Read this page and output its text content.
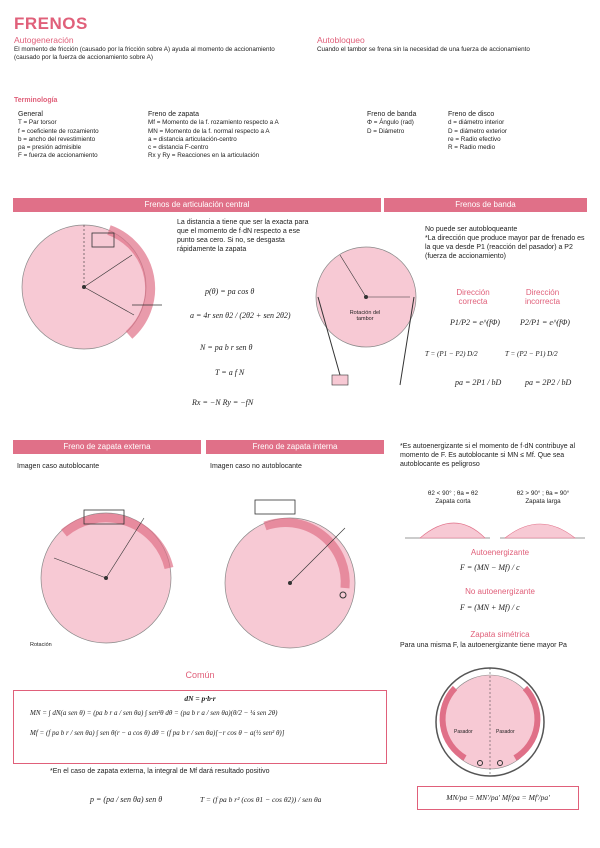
FRENOS
Autogeneración
El momento de fricción (causado por la fricción sobre A) ayuda al momento de accionamiento (causado por la fuerza de accionamiento sobre A)
Autobloqueo
Cuando el tambor se frena sin la necesidad de una fuerza de accionamiento
Terminología
General
T = Par torsor
f = coeficiente de rozamiento
b = ancho del revestimiento
pa = presión admisible
F = fuerza de accionamiento
Freno de zapata
Mf = Momento de la f. rozamiento respecto a A
MN = Momento de la f. normal respecto a A
a = distancia articulación-centro
c = distancia F-centro
Rx y Ry = Reacciones en la articulación
Freno de banda
Φ = Ángulo (rad)
D = Diámetro
Freno de disco
d = diámetro interior
D = diámetro exterior
re = Radio efectivo
R = Radio medio
Frenos de articulación central	Frenos de banda
La distancia a tiene que ser la exacta para que el momento de f·dN respecto a ese punto sea cero. Si no, se desgasta rápidamente la zapata
p(θ) = pa cos θ
a = 4r sen θ2 / (2θ2 + sen 2θ2)
N = pa b r sen θ
T = a f N
Rx = −N Ry = −fN
Rotación del tambor
No puede ser autobloqueante
*La dirección que produce mayor par de frenado es la que va desde P1 (reacción del pasador) a P2 (fuerza de accionamiento)
Dirección correcta
Dirección incorrecta
P1/P2 = e^(fΦ)	P2/P1 = e^(fΦ)
T = (P1 − P2) D/2	T = (P2 − P1) D/2
pa = 2P1 / bD	pa = 2P2 / bD
Freno de zapata externa	Freno de zapata interna
Imagen caso autoblocante	Imagen caso no autoblocante
Rotación
*Es autoenergizante si el momento de f·dN contribuye al momento de F. Es autoblocante si MN ≤ Mf. Que sea autoblocante es peligroso
θ2 < 90° ; θa = θ2
Zapata corta
θ2 > 90° ; θa = 90°
Zapata larga
Autoenergizante
F = (MN − Mf) / c
No autoenergizante
F = (MN + Mf) / c
Zapata simétrica
Para una misma F, la autoenergizante tiene mayor Pa
Pasador	Pasador
MN/pa = MN'/pa' Mf/pa = Mf'/pa'
Común
dN = p·b·r
MN = ∫ dN(a sen θ) = (pa b r a / sen θa) ∫ sen²θ dθ = (pa b r a / sen θa)(θ/2 − ¼ sen 2θ)
Mf = (f pa b r / sen θa) ∫ sen θ(r − a cos θ) dθ = (f pa b r / sen θa)[−r cos θ − a(½ sen² θ)]
*En el caso de zapata externa, la integral de Mf dará resultado positivo
p = (pa / sen θa) sen θ	T = (f pa b r² (cos θ1 − cos θ2)) / sen θa
